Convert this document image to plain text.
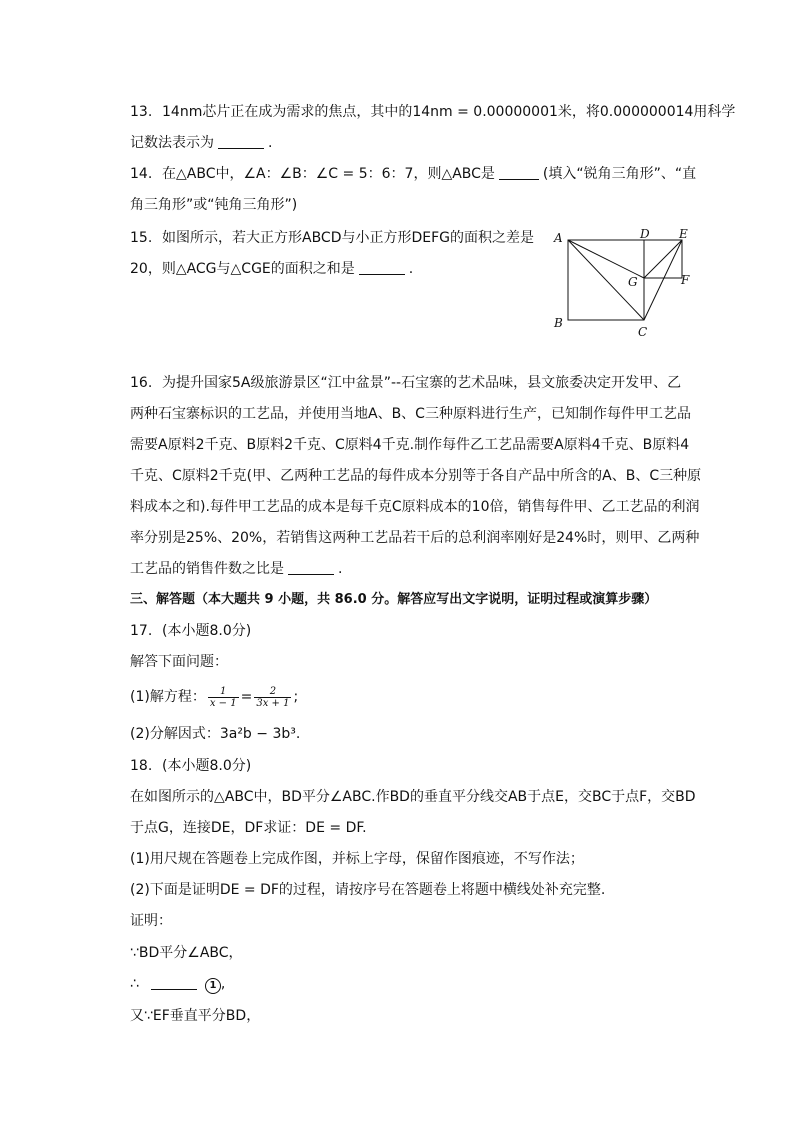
13. 14nm芯片正在成为需求的焦点，其中的14nm = 0.00000001米，将0.000000014用科学
记数法表示为	.
14. 在△ABC中，∠A：∠B：∠C = 5：6：7，则△ABC是	(填入“锐角三角形”、“直
角三角形”或“钝角三角形”)
15. 如图所示，若大正方形ABCD与小正方形DEFG的面积之差是
20，则△ACG与△CGE的面积之和是	.
A
B
C
D E
F
G
16. 为提升国家5A级旅游景区“江中盆景”--石宝寨的艺术品味，县文旅委决定开发甲、乙
两种石宝寨标识的工艺品，并使用当地A、B、C三种原料进行生产，已知制作每件甲工艺品
需要A原料2千克、B原料2千克、C原料4千克.制作每件乙工艺品需要A原料4千克、B原料4
千克、C原料2千克(甲、乙两种工艺品的每件成本分别等于各自产品中所含的A、B、C三种原
料成本之和).每件甲工艺品的成本是每千克C原料成本的10倍，销售每件甲、乙工艺品的利润
率分别是25%、20%，若销售这两种工艺品若干后的总利润率刚好是24%时，则甲、乙两种
工艺品的销售件数之比是	.
三、解答题（本大题共 9 小题，共 86.0 分。解答应写出文字说明，证明过程或演算步骤）
17. (本小题8.0分)
解答下面问题：
(1)解方程： $\frac{1}{x - 1} = \frac{2}{3x + 1}$ ;
(2)分解因式：3a²b − 3b³.
18. (本小题8.0分)
在如图所示的△ABC中，BD平分∠ABC.作BD的垂直平分线交AB于点E，交BC于点F，交BD
于点G，连接DE，DF求证：DE = DF.
(1)用尺规在答题卷上完成作图，并标上字母，保留作图痕迹，不写作法；
(2)下面是证明DE = DF的过程，请按序号在答题卷上将题中横线处补充完整.
证明：
∵BD平分∠ABC，
∴	1 ,
又∵EF垂直平分BD，
